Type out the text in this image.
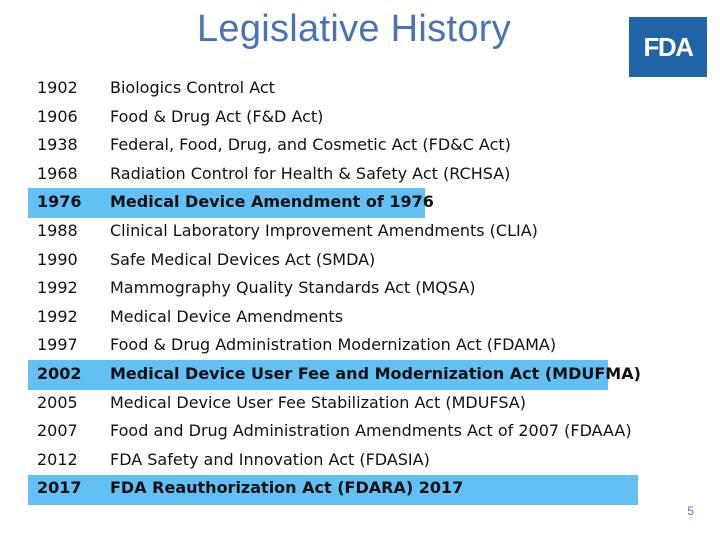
Legislative History	FDA
1902 Biologics Control Act
1906 Food & Drug Act (F&D Act)
1938 Federal, Food, Drug, and Cosmetic Act (FD&C Act)
1968 Radiation Control for Health & Safety Act (RCHSA)
1976 Medical Device Amendment of 1976
1988 Clinical Laboratory Improvement Amendments (CLIA)
1990 Safe Medical Devices Act (SMDA)
1992 Mammography Quality Standards Act (MQSA)
1992 Medical Device Amendments
1997 Food & Drug Administration Modernization Act (FDAMA)
2002 Medical Device User Fee and Modernization Act (MDUFMA)
2005 Medical Device User Fee Stabilization Act (MDUFSA)
2007 Food and Drug Administration Amendments Act of 2007 (FDAAA)
2012 FDA Safety and Innovation Act (FDASIA)
2017 FDA Reauthorization Act (FDARA) 2017
5
